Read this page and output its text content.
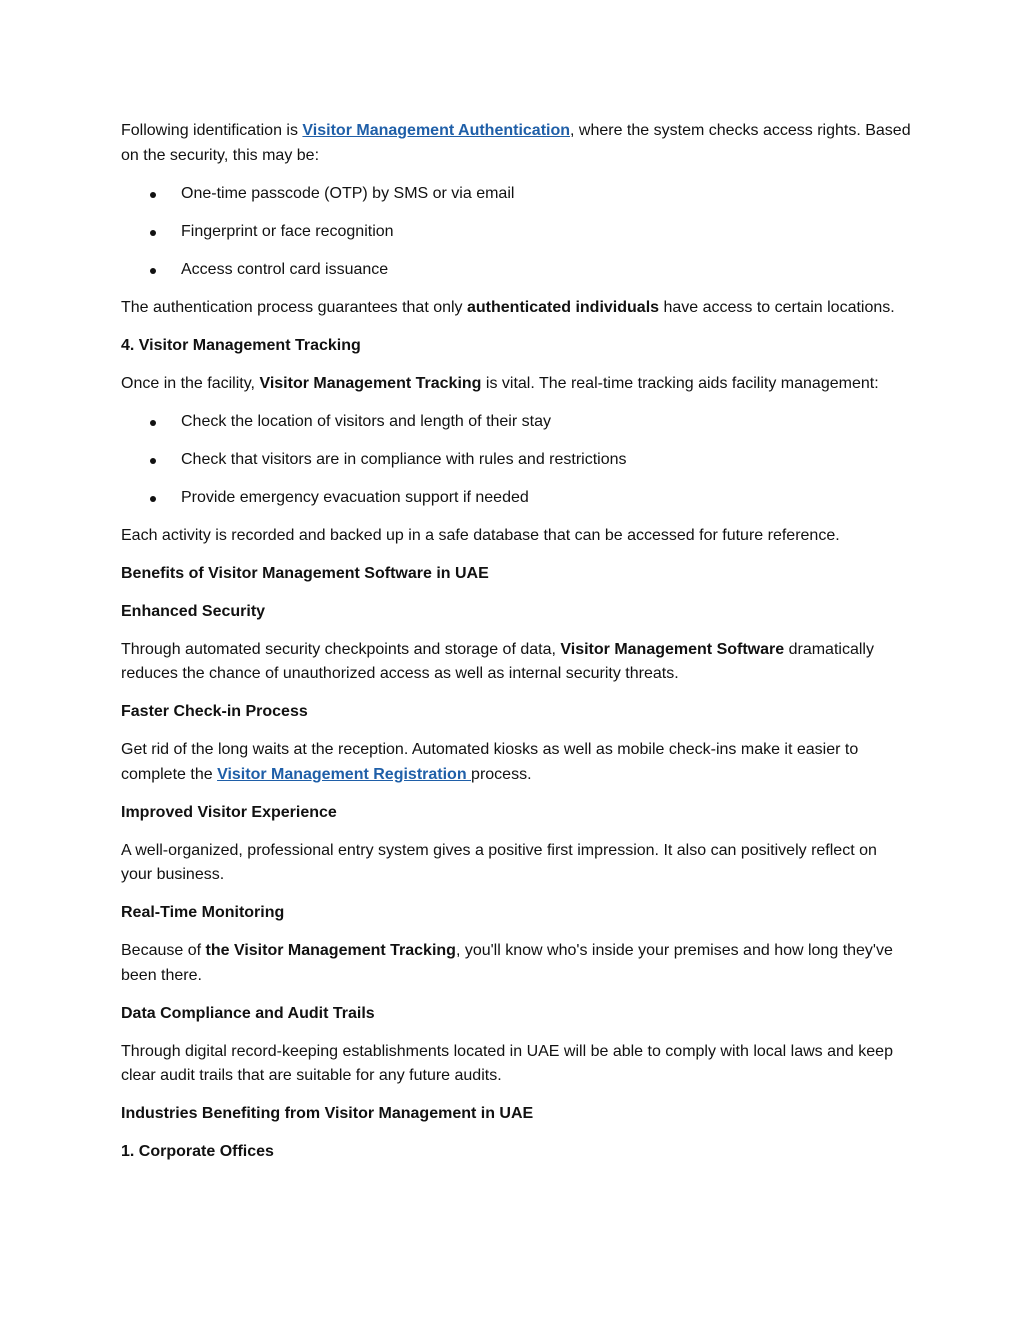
Following identification is Visitor Management Authentication, where the system checks access rights. Based on the security, this may be:

One-time passcode (OTP) by SMS or via email
Fingerprint or face recognition
Access control card issuance

The authentication process guarantees that only authenticated individuals have access to certain locations.

4. Visitor Management Tracking

Once in the facility, Visitor Management Tracking is vital. The real-time tracking aids facility management:

Check the location of visitors and length of their stay
Check that visitors are in compliance with rules and restrictions
Provide emergency evacuation support if needed

Each activity is recorded and backed up in a safe database that can be accessed for future reference.

Benefits of Visitor Management Software in UAE
Enhanced Security

Through automated security checkpoints and storage of data, Visitor Management Software dramatically reduces the chance of unauthorized access as well as internal security threats.

Faster Check-in Process

Get rid of the long waits at the reception. Automated kiosks as well as mobile check-ins make it easier to complete the Visitor Management Registration process.

Improved Visitor Experience

A well-organized, professional entry system gives a positive first impression. It also can positively reflect on your business.

Real-Time Monitoring

Because of the Visitor Management Tracking, you'll know who's inside your premises and how long they've been there.

Data Compliance and Audit Trails

Through digital record-keeping establishments located in UAE will be able to comply with local laws and keep clear audit trails that are suitable for any future audits.

Industries Benefiting from Visitor Management in UAE
1. Corporate Offices
